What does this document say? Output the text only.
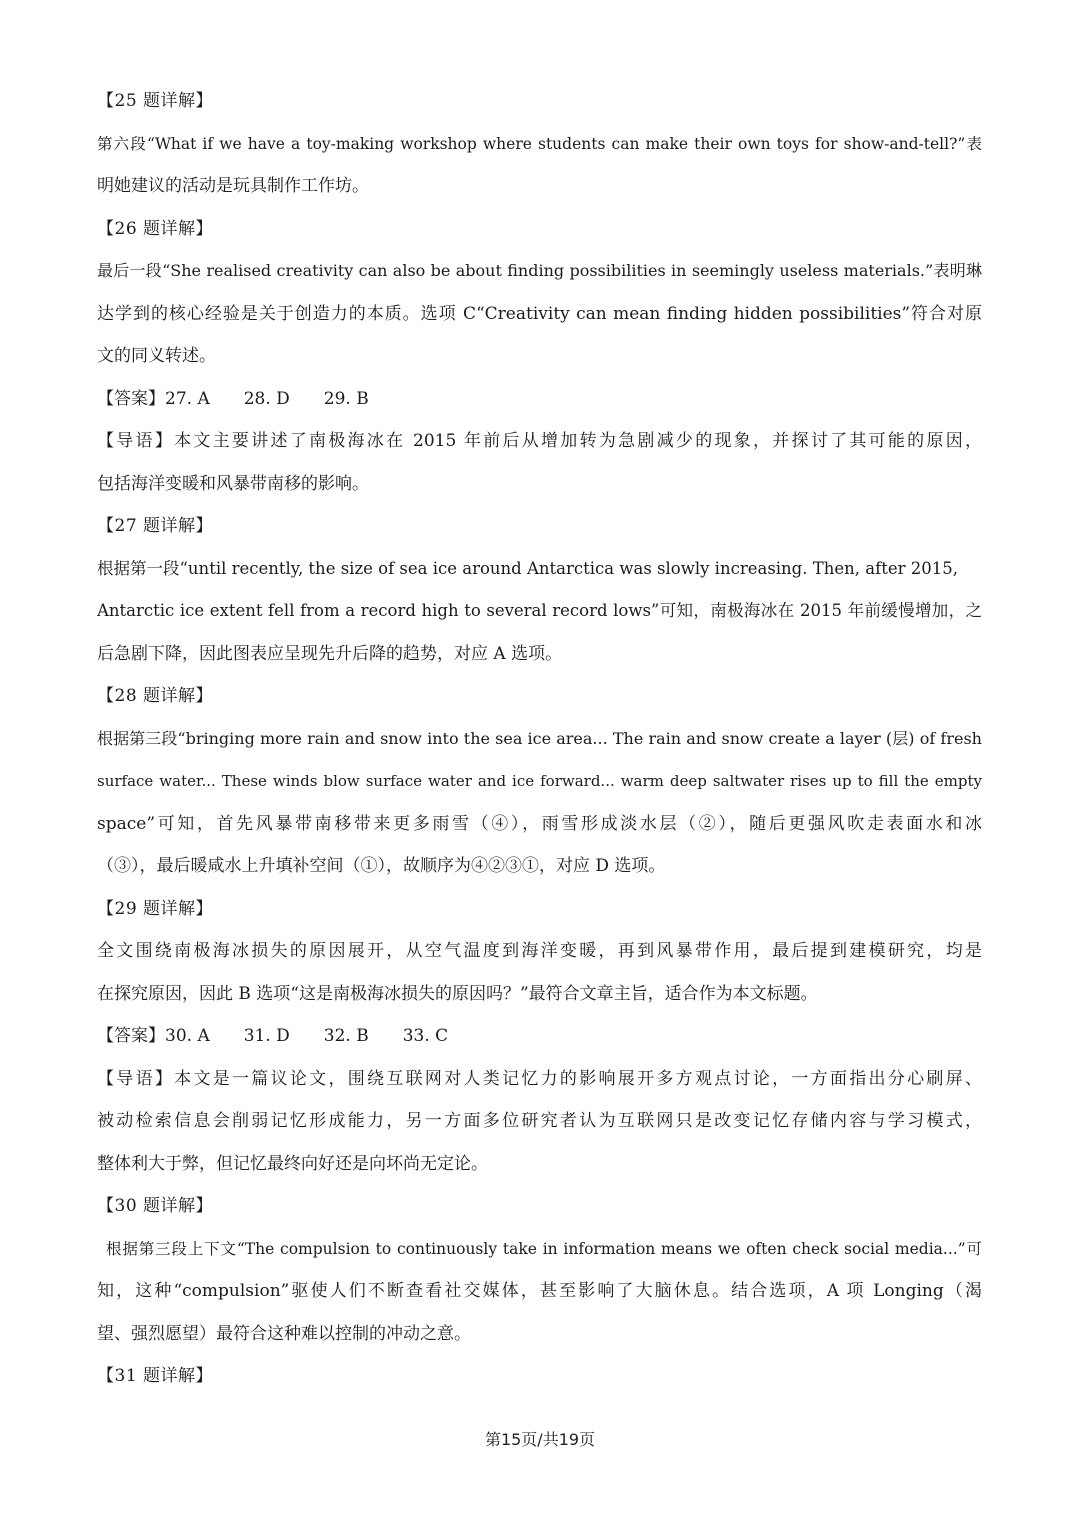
【25 题详解】
第六段“What if we have a toy-making workshop where students can make their own toys for show-and-tell?”表
明她建议的活动是玩具制作工作坊。
【26 题详解】
最后一段“She realised creativity can also be about finding possibilities in seemingly useless materials.”表明琳
达学到的核心经验是关于创造力的本质。选项 C“Creativity can mean finding hidden possibilities”符合对原
文的同义转述。
【答案】27. A　　28. D　　29. B
【导语】本文主要讲述了南极海冰在 2015 年前后从增加转为急剧减少的现象，并探讨了其可能的原因，
包括海洋变暖和风暴带南移的影响。
【27 题详解】
根据第一段“until recently, the size of sea ice around Antarctica was slowly increasing. Then, after 2015,
Antarctic ice extent fell from a record high to several record lows”可知，南极海冰在 2015 年前缓慢增加，之
后急剧下降，因此图表应呈现先升后降的趋势，对应 A 选项。
【28 题详解】
根据第三段“bringing more rain and snow into the sea ice area... The rain and snow create a layer (层) of fresh
surface water... These winds blow surface water and ice forward... warm deep saltwater rises up to fill the empty
space”可知，首先风暴带南移带来更多雨雪（④），雨雪形成淡水层（②），随后更强风吹走表面水和冰
（③），最后暖咸水上升填补空间（①），故顺序为④②③①，对应 D 选项。
【29 题详解】
全文围绕南极海冰损失的原因展开，从空气温度到海洋变暖，再到风暴带作用，最后提到建模研究，均是
在探究原因，因此 B 选项“这是南极海冰损失的原因吗？”最符合文章主旨，适合作为本文标题。
【答案】30. A　　31. D　　32. B　　33. C
【导语】本文是一篇议论文，围绕互联网对人类记忆力的影响展开多方观点讨论，一方面指出分心刷屏、
被动检索信息会削弱记忆形成能力，另一方面多位研究者认为互联网只是改变记忆存储内容与学习模式，
整体利大于弊，但记忆最终向好还是向坏尚无定论。
【30 题详解】
根据第三段上下文“The compulsion to continuously take in information means we often check social media...”可
知，这种“compulsion”驱使人们不断查看社交媒体，甚至影响了大脑休息。结合选项，A 项 Longing（渴
望、强烈愿望）最符合这种难以控制的冲动之意。
【31 题详解】
第15页/共19页
